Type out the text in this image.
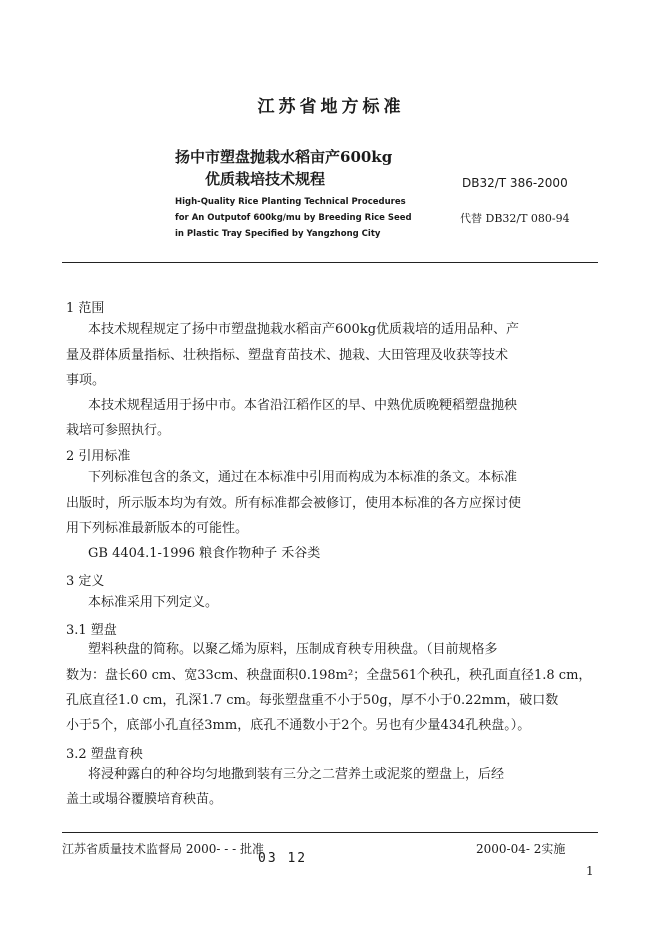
江苏省地方标准
扬中市塑盘抛栽水稻亩产600kg
优质栽培技术规程	DB32/T 386-2000
High-Quality Rice Planting Technical Procedures
for An Outputof 600kg/mu by Breeding Rice Seed
in Plastic Tray Specified by Yangzhong City
代替 DB32/T 080-94
1 范围
本技术规程规定了扬中市塑盘抛栽水稻亩产600kg优质栽培的适用品种、产
量及群体质量指标、壮秧指标、塑盘育苗技术、抛栽、大田管理及收获等技术
事项。
本技术规程适用于扬中市。本省沿江稻作区的早、中熟优质晚粳稻塑盘抛秧
栽培可参照执行。
2 引用标准
下列标准包含的条文，通过在本标准中引用而构成为本标准的条文。本标准
出版时，所示版本均为有效。所有标准都会被修订，使用本标准的各方应探讨使
用下列标准最新版本的可能性。
GB 4404.1-1996 粮食作物种子 禾谷类
3 定义
本标准采用下列定义。
3.1 塑盘
塑料秧盘的简称。以聚乙烯为原料，压制成育秧专用秧盘。（目前规格多
数为：盘长60 cm、宽33cm、秧盘面积0.198m²；全盘561个秧孔，秧孔面直径1.8 cm，
孔底直径1.0 cm，孔深1.7 cm。每张塑盘重不小于50g，厚不小于0.22mm，破口数
小于5个，底部小孔直径3mm，底孔不通数小于2个。另也有少量434孔秧盘。）。
3.2 塑盘育秧
将浸种露白的种谷均匀地撒到装有三分之二营养土或泥浆的塑盘上，后经
盖土或塌谷覆膜培育秧苗。
江苏省质量技术监督局 2000- - - 批准
03 12
2000-04- 2实施
1
